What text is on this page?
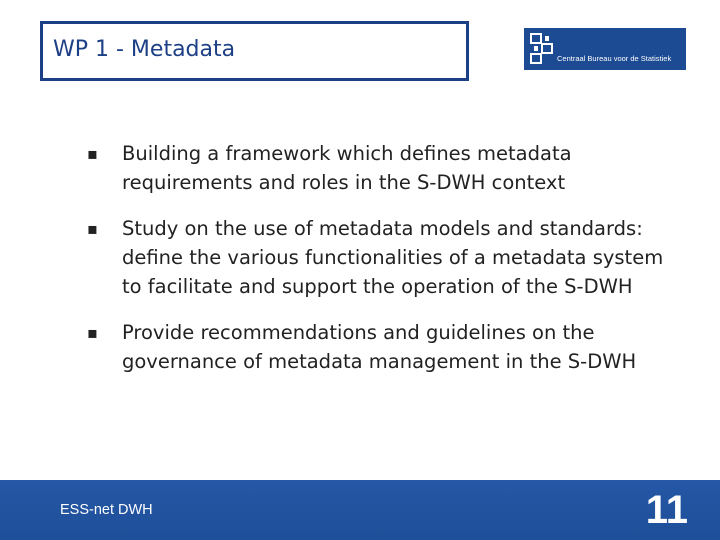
WP 1 - Metadata	Centraal Bureau voor de Statistiek
▪ Building a framework which defines metadata requirements and roles in the S-DWH context
▪ Study on the use of metadata models and standards: define the various functionalities of a metadata system to facilitate and support the operation of the S-DWH
▪ Provide recommendations and guidelines on the governance of metadata management in the S-DWH
ESS-net DWH	11
